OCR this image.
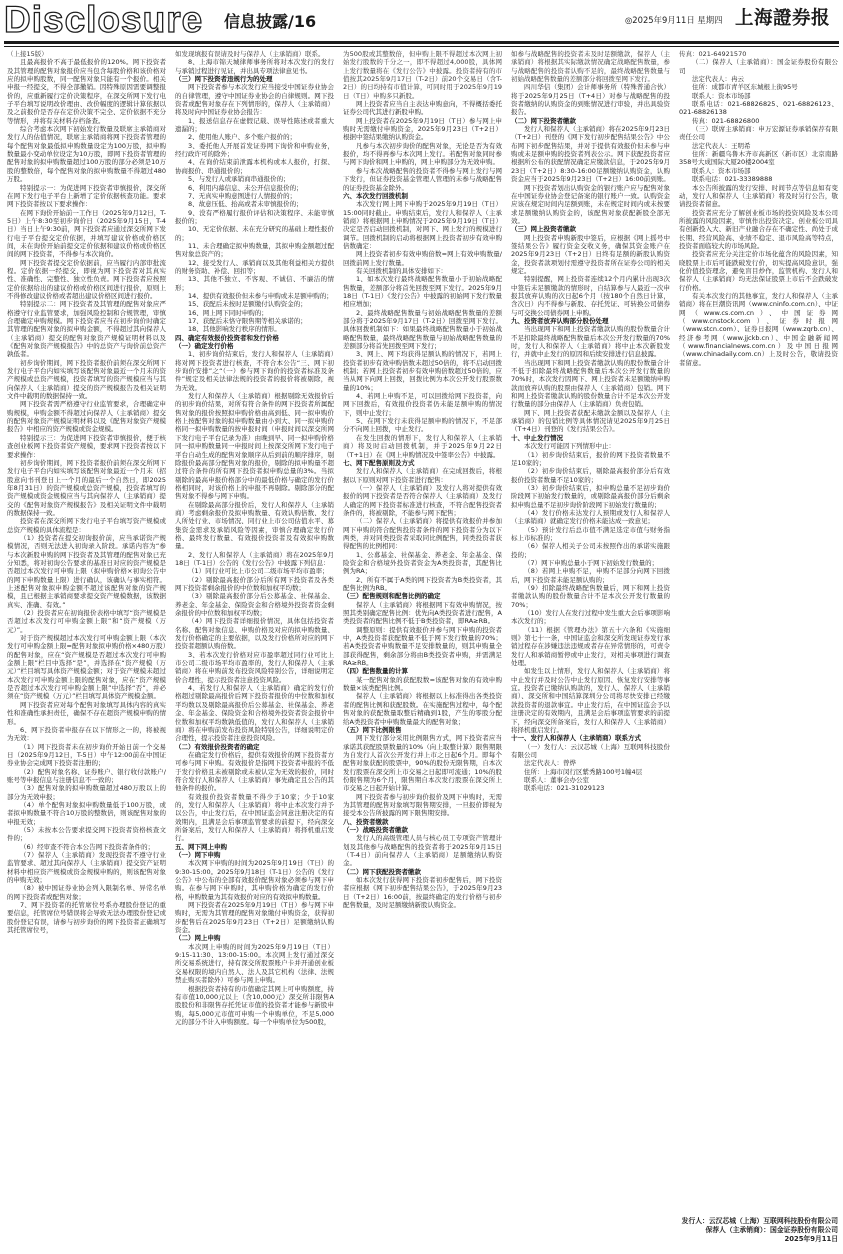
Disclosure 信息披露/16	◎2025年9月11日 星期四 上海證券报

（上接15版）

且最高报价不高于最低报价的120%。网下投资者及其管理的配售对象报价应当包含每股价格和该价格对应的拟申购股数，同一配售对象只能有一个报价。相关申报一经提交，不得全部撤销。因特殊原因需要调整报价的，应重新履行定价决策程序，在深交所网下发行电子平台填写说明改价理由、改价幅度的逻辑计算依据以及之前报价是否存在定价决策不完全、定价依据不充分等情形，并将有关材料存档备查。

综合考虑本次网下初始发行数量及联席主承销商对发行人的估值情况，联席主承销商将网下投资者管理的每个配售对象最低拟申购数量设定为100万股，拟申购数量最小变动单位设定为10万股，即网下投资者管理的配售对象的拟申购数量超过100万股的部分必须是10万股的整数倍，每个配售对象的拟申购数量不得超过480万股。

特别提示一：为促进网下投资者审慎报价，深交所在网下发行电子平台上新增了定价依据核查功能。要求网下投资者按以下要求操作：

在网下询价开始前一工作日（2025年9月12日，T-5日）上午8:30至初步询价日（2025年9月15日，T-4日）当日上午9:30前，网下投资者应通过深交所网下发行电子平台提交定价依据，并填写建议价格或价格区间，未在询价开始前提交定价依据和建议价格或价格区间的网下投资者，不得参与本次询价。

网下投资者提交定价依据前，应当履行内部审批流程。定价依据一经提交，即视为网下投资者对其真实性、准确性、完整性、独立性负责。网下投资者应按照定价依据给出的建议价格或价格区间进行报价，原则上不得修改建议价格或者超出建议价格区间进行报价。

特别提示二：网下投资者及其管理的配售对象应严格遵守行业监管要求，加强风险控制和合规管理，审慎合理确定申购规模。网下投资者应当在初步询价时确定其管理的配售对象的拟申购金额，不得超过其向保荐人（主承销商）提交的配售对象资产规模证明材料以及《配售对象资产规模报告》中的总资产与询价前总资产孰低者。

初步询价期间，网下投资者报价前须在深交所网下发行电子平台内如实填写该配售对象最近一个月末的资产规模或总资产规模，投资者填写的资产规模应当与其向保荐人（主承销商）提交的资产规模报告及相关证明文件中载明的数据保持一致。

网下投资者需严格遵守行业监管要求，合理确定申购规模，申购金额不得超过向保荐人（主承销商）提交的配售对象资产规模证明材料以及《配售对象资产规模报告》中相应的资产规模或资金规模。

特别提示三：为促进网下投资者审慎报价，便于核查创业板网下投资者资产规模，要求网下投资者按以下要求操作：

初步询价期间，网下投资者报价前须在深交所网下发行电子平台内如实填写该配售对象最近一个月末（招股意向书刊登日上一个月的最后一个自然日，即2025年8月31日）的资产规模或总资产规模，投资者填写的资产规模或资金规模应当与其向保荐人（主承销商）提交的《配售对象资产规模报告》及相关证明文件中载明的数据保持一致。

投资者在深交所网下发行电子平台填写资产规模或总资产规模的具体流程是：

（1）投资者在提交初询报价前，应当承诺资产规模情况，否则无法进入初询录入阶段。承诺内容为“参与本次新股申购的网下投资者及其管理的配售对象已充分知悉，将对初询公告要求的基准日对应的资产规模是否超过本次发行可申购上限（拟申购价格×初询公告中的网下申购数量上限）进行确认，该确认与事实相符。上述配售对象拟申购金额不超过该配售对象的资产规模，且已根据主承销商要求提交资产规模数据，该数据真实、准确、有效。”

（2）投资者应在初询报价表格中填写“资产规模是否超过本次发行可申购金额上限”和“资产规模（万元）”。

对于资产规模超过本次发行可申购金额上限（本次发行可申购金额上限=配售对象拟申购价格×480万股）的配售对象，应在“资产规模是否超过本次发行可申购金额上限”栏目中选择“是”，并选择在“资产规模（万元）”栏目填写具体资产规模金额；对于资产规模未超过本次发行可申购金额上限的配售对象，应在“资产规模是否超过本次发行可申购金额上限”中选择“否”，并必须在“资产规模（万元）”栏目填写具体资产规模金额。

网下投资者应对每个配售对象填写具体内容的真实性和准确性承担责任，确保不存在超资产规模申购的情形。

6、网下投资者申报存在以下情形之一的，将被视为无效：

（1）网下投资者未在初步询价开始日前一个交易日（2025年9月12日，T-5日）中午12:00前在中国证券业协会完成网下投资者注册的；

（2）配售对象名称、证券账户、银行收付款账户/账号等申报信息与注册信息不一致的；

（3）配售对象的拟申购数量超过480万股以上的部分为无效申报；

（4）单个配售对象拟申购数量低于100万股，或者拟申购数量不符合10万股的整数倍，则该配售对象的申报无效；

（5）未按本公告要求提交网下投资者资格核查文件的；

（6）经审查不符合本公告网下投资者条件的；

（7）保荐人（主承销商）发现投资者不遵守行业监管要求、超过其向保荐人（主承销商）提交资产证明材料中相应资产规模或资金规模申购的，则该配售对象的申购无效；

（8）被中国证券业协会列入限制名单、异常名单的网下投资者或配售对象；

7、网下投资者的托管席位号系办理股份登记的重要信息，托管席位号错误将会导致无法办理股份登记或股份登记有误，请参与初步询价的网下投资者正确填写其托管席位号，

如发现填报有误请及时与保荐人（主承销商）联系。

8、上海市锦天城律师事务所将对本次发行的发行与承销过程进行见证，并出具专项法律意见书。

（三）网下投资者违规行为的处理

网下投资者参与本次发行应当接受中国证券业协会的自律管理，遵守中国证券业协会的自律规则。网下投资者或配售对象存在下列情形的，保荐人（主承销商）将及时向中国证券业协会报告：

1、报送信息存在虚假记载、误导性陈述或者重大遗漏的；

2、使用他人账户、多个账户报价的；

3、委托他人开展首发证券网下询价和申购业务，经行政许可的除外；

4、在询价结束前泄露本机构或本人报价，打探、协商报价、串通报价的；

5、与发行人或承销商串通报价的；

6、利用内幕信息、未公开信息报价的；

7、无真实申购意图进行人情报价的；

8、故意压低、抬高或者未审慎报价的；

9、没有严格履行报价评估和决策程序、未能审慎报价的；

10、无定价依据、未在充分研究的基础上理性报价的；

11、未合理确定拟申购数量，其拟申购金额超过配售对象总资产的；

12、接受发行人、承销商以及其他利益相关方提供的财务资助、补偿、回扣等；

13、其他不独立、不客观、不诚信、不廉洁的情形；

14、提供有效报价但未参与申购或未足额申购的；

15、获配后未按时足额缴付认购资金的；

16、网上网下同时申购的；

17、获配后未恪守限售期等相关承诺的；

18、其他影响发行秩序的情形。

四、确定有效报价投资者和发行价格

（一）确定发行价格

1、初步询价结束后，发行人和保荐人（主承销商）将对网下投资者进行核查，不符合本公告“三、网下初步询价安排”之“（一）参与网下询价的投资者标准及条件”规定及相关法律法规的投资者的报价将被剔除，视为无效。

发行人和保荐人（主承销商）根据剔除无效报价后的初步询价结果，对所有符合条件的网下投资者所属配售对象的报价按照拟申购价格由高到低、同一拟申购价格上按配售对象的拟申购数量由小到大、同一拟申购价格同一拟申购数量的按申报时间（申报时间以深交所网下发行电子平台记录为准）由晚到早、同一拟申购价格同一拟申购数量同一申报时间上按深交所网下发行电子平台自动生成的配售对象顺序从后到前的顺序排序，剔除报价最高部分配售对象的报价，剔除的拟申购量不超过符合条件的所有网下投资者拟申购总量的3%。当拟剔除的最高申报价格部分中的最低价格与确定的发行价格相同时，对该价格上的申报不再剔除。剔除部分的配售对象不得参与网下申购。

在剔除最高部分报价后，发行人和保荐人（主承销商）考虑剩余报价及拟申购数量、有效认购倍数、发行人所处行业、市场情况、同行业上市公司估值水平、募集资金需求及承销风险等因素，审慎合理确定发行价格、最终发行数量、有效报价投资者及有效拟申购数量。

2、发行人和保荐人（主承销商）将在2025年9月18日（T-1日）公告的《发行公告》中披露下列信息：

（1）同行业可比上市公司二级市场平均市盈率；

（2）剔除最高报价部分后所有网下投资者及各类网下投资者剩余报价的中位数和加权平均数；

（3）剔除最高报价部分后公募基金、社保基金、养老金、年金基金、保险资金和合格境外投资者资金剩余报价的中位数和加权平均数；

（4）网下投资者详细报价情况，具体包括投资者名称、配售对象信息、申购价格及对应的拟申购数量、发行价格确定的主要依据，以及发行价格所对应的网下投资者超额认购倍数。

3、若本次发行价格对应市盈率超过同行业可比上市公司二级市场平均市盈率的，发行人和保荐人（主承销商）将在申购前发布投资风险特别公告，详细说明定价合理性，提示投资者注意投资风险。

4、若发行人和保荐人（主承销商）确定的发行价格超过剔除最高报价后网下投资者报价的中位数和加权平均数以及剔除最高报价后公募基金、社保基金、养老金、年金基金、保险资金和合格境外投资者资金报价中位数和加权平均数孰低值的，发行人和保荐人（主承销商）将在申购前发布投资风险特别公告，详细说明定价合理性，提示投资者注意投资风险。

（二）有效报价投资者的确定

在确定发行价格后，提供有效报价的网下投资者方可参与网下申购。有效报价是指网下投资者申报的不低于发行价格且未被剔除或未被认定为无效的报价，同时符合发行人和保荐人（主承销商）事先确定且公告的其他条件的报价。

有效报价投资者数量不得少于10家；少于10家的，发行人和保荐人（主承销商）将中止本次发行并予以公告，中止发行后，在中国证监会同意注册决定的有效期内，且满足会后事项监管要求的前提下，经向深交所备案后，发行人和保荐人（主承销商）将择机重启发行。

五、网下网上申购

（一）网下申购

本次网下申购的时间为2025年9月19日（T日）的9:30-15:00。2025年9月18日（T-1日）公告的《发行公告》中公布的全部有效报价配售对象必须参与网下申购。在参与网下申购时，其申购价格为确定的发行价格，申购数量为其有效报价对应的有效拟申购数量。

网下投资者在2025年9月19日（T日）参与网下申购时，无需为其管理的配售对象缴付申购资金，获得初步配售后在2025年9月23日（T+2日）足额缴纳认购资金。

（二）网上申购

本次网上申购的时间为2025年9月19日（T日）9:15-11:30、13:00-15:00。本次网上发行通过深交所交易系统进行，持有深交所股票账户卡并开通创业板交易权限的境内自然人、法人及其它机构（法律、法规禁止购买者除外）可参与网上申购。

根据投资者持有的市值确定其网上可申购额度，持有市值10,000元以上（含10,000元）深交所非限售A股股份和非限售存托凭证市值的投资者才能参与新股申购，每5,000元市值可申购一个申购单位，不足5,000元的部分不计入申购额度。每一个申购单位为500股，

为500股或其整数倍，但申购上限不得超过本次网上初始发行股数的千分之一，即不得超过4,000股，具体网上发行数量将在《发行公告》中披露。投资者持有的市值按其2025年9月17日（T-2日）前20个交易日（含T-2日）的日均持有市值计算，可同时用于2025年9月19日（T日）申购多只新股。

网上投资者应当自主表达申购意向，不得概括委托证券公司代其进行新股申购。

网上投资者在2025年9月19日（T日）参与网上申购时无需缴付申购资金，2025年9月23日（T+2日）根据中签结果缴纳认购资金。

凡参与本次初步询价的配售对象，无论是否为有效报价，均不得再参与本次网上发行。若配售对象同时参与网下询价和网上申购的，网上申购部分为无效申购。

参与本次战略配售的投资者不得参与网上发行与网下发行，但证券投资基金管理人管理的未参与战略配售的证券投资基金除外。

六、本次发行回拨机制

本次发行网上网下申购于2025年9月19日（T日）15:00同时截止。申购结束后，发行人和保荐人（主承销商）将根据网上申购情况于2025年9月19日（T日）决定是否启动回拨机制，对网下、网上发行的规模进行调节。回拨机制的启动将根据网上投资者初步有效申购倍数确定：

网上投资者初步有效申购倍数=网上有效申购数量/回拨前网上发行数量。

有关回拨机制的具体安排如下：

1、如本次发行最终战略配售数量小于初始战略配售数量，差额部分将首先回拨至网下发行。2025年9月18日（T-1日）《发行公告》中披露的初始网下发行数量相应增加；

2、最终战略配售数量与初始战略配售数量的差额部分将于2025年9月17日（T-2日）回拨至网下发行。具体回拨机制如下：如果最终战略配售数量小于初始战略配售数量，最终战略配售数量与初始战略配售数量的差额部分将首先回拨至网下发行；

3、网上、网下均获得足额认购的情况下，若网上投资者初步有效申购倍数未超过50倍的，将不启动回拨机制；若网上投资者初步有效申购倍数超过50倍的，应当从网下向网上回拨，回拨比例为本次公开发行股票数量的10%；

4、若网上申购不足，可以回拨给网下投资者，向网下回拨后，有效报价投资者仍未能足额申购的情况下，则中止发行；

5、在网下发行未获得足额申购的情况下，不足部分不向网上回拨，中止发行。

在发生回拨的情形下，发行人和保荐人（主承销商）将及时启动回拨机制，并于2025年9月22日（T+1日）在《网上申购情况及中签率公告》中披露。

七、网下配售原则及方式

发行人和保荐人（主承销商）在完成回拨后，将根据以下原则对网下投资者进行配售：

（一）保荐人（主承销商）及发行人将对提供有效报价的网下投资者是否符合保荐人（主承销商）及发行人确定的网下投资者标准进行核查，不符合配售投资者条件的，将被剔除，不能参与网下配售；

（二）保荐人（主承销商）将提供有效报价并参加网下申购的符合配售投资者条件的网下投资者分为以下两类，并对同类投资者采取同比例配售，同类投资者获得配售的比例相同：

1、公募基金、社保基金、养老金、年金基金、保险资金和合格境外投资者资金为A类投资者，其配售比例为RA；

2、所有不属于A类的网下投资者为B类投资者，其配售比例为RB。

（三）配售规则和配售比例的确定

保荐人（主承销商）将根据网下有效申购情况，按照其类别确定配售比例：优先向A类投资者进行配售，A类投资者的配售比例不低于B类投资者，即RA≥RB。

调整原则：提供有效报价并参与网下申购的投资者中，A类投资者获配数量不低于网下发行数量的70%；若A类投资者申购数量不足安排数量的，则其申购量全部获得配售，剩余部分将由B类投资者申购，并需满足RA≥RB。

（四）配售数量的计算

某一配售对象的获配股数=该配售对象的有效申购数量×该类配售比例。

保荐人（主承销商）将根据以上标准得出各类投资者的配售比例和获配股数。在实施配售过程中，每个配售对象的获配数量取整后精确到1股，产生的零股分配给A类投资者中申购数量最大的配售对象；

（五）网下比例限售

网下发行部分采用比例限售方式，网下投资者应当承诺其获配股票数量的10%（向上取整计算）限售期限为自发行人首次公开发行并上市之日起6个月。即每个配售对象获配的股票中，90%的股份无限售期，自本次发行股票在深交所上市交易之日起即可流通；10%的股份限售期为6个月，限售期自本次发行股票在深交所上市交易之日起开始计算。

网下投资者参与初步询价报价及网下申购时，无需为其管理的配售对象填写限售期安排，一旦报价即视为接受本公告所披露的网下限售期安排。

八、投资者缴款

（一）战略投资者缴款

发行人的高级管理人员与核心员工专项资产管理计划及其他参与战略配售的投资者将于2025年9月15日（T-4日）前向保荐人（主承销商）足额缴纳认购资金。

（二）网下获配投资者缴款

如本次发行获得网下投资者初步配售后，网下投资者应根据《网下初步配售结果公告》，于2025年9月23日（T+2日）16:00前，按最终确定的发行价格与初步配售数量，及时足额缴纳新股认购资金。

如参与战略配售的投资者未及时足额缴款，保荐人（主承销商）将根据其实际缴款情况确定战略配售数量，参与战略配售的投资者认购不足的，最终战略配售数量与初始战略配售数量的差额部分将回拨至网下发行。

四川华信（集团）会计师事务所（特殊普通合伙）将于2025年9月25日（T+4日）对参与战略配售的投资者缴纳的认购资金的到账情况进行审验，并出具验资报告。

（二）网下投资者缴款

发行人和保荐人（主承销商）将在2025年9月23日（T+2日）刊登的《网下发行初步配售结果公告》中公布网下初步配售结果，并对于提供有效报价但未参与申购或未足额申购的投资者列表公示。网下获配投资者应根据所公布的获配情况确定应缴款信息，于2025年9月23日（T+2日）8:30-16:00足额缴纳认购资金，认购资金应当于2025年9月23日（T+2日）16:00前到账。

网下投资者划出认购资金的银行账户应与配售对象在中国证券业协会登记备案的银行账户一致。认购资金应该在规定时间内足额到账，未在规定时间内或未按要求足额缴纳认购资金的，该配售对象获配新股全部无效。

（三）网上投资者缴款

网上投资者申购新股中签后，应根据《网上摇号中签结果公告》履行资金交收义务，确保其资金账户在2025年9月23日（T+2日）日终有足额的新股认购资金，投资者款项划付需遵守投资者所在证券公司的相关规定。

特别提醒，网上投资者连续12个月内累计出现3次中签后未足额缴款的情形时，自结算参与人最近一次申报其放弃认购的次日起6个月（按180个自然日计算，含次日）内不得参与新股、存托凭证、可转换公司债券与可交换公司债券网上申购。

九、投资者放弃认购部分股份处理

当出现网下和网上投资者缴款认购的股份数量合计不足扣除最终战略配售数量后本次公开发行数量的70%时，发行人和保荐人（主承销商）将中止本次新股发行，并就中止发行的原因和后续安排进行信息披露。

当出现网下和网上投资者缴款认购的股份数量合计不低于扣除最终战略配售数量后本次公开发行数量的70%时，本次发行因网下、网上投资者未足额缴纳申购款而放弃认购的股票由保荐人（主承销商）包销。网下和网上投资者缴款认购的股份数量合计不足本次公开发行数量的部分由保荐人（主承销商）负责包销。

网下、网上投资者获配未缴款金额以及保荐人（主承销商）的包销比例等具体情况请见2025年9月25日（T+4日）刊登的《发行结果公告》。

十、中止发行情况

本次发行可能因下列情形中止：

（1）初步询价结束后，报价的网下投资者数量不足10家的；

（2）初步询价结束后，剔除最高报价部分后有效报价投资者数量不足10家的；

（3）初步询价结束后，拟申购总量不足初步询价阶段网下初始发行数量的，或剔除最高报价部分后剩余拟申购总量不足初步询价阶段网下初始发行数量的；

（4）发行价格未达发行人预期或发行人和保荐人（主承销商）就确定发行价格未能达成一致意见；

（5）预计发行后总市值不满足选定市值与财务指标上市标准的；

（6）保荐人相关子公司未按照作出的承诺实施跟投的；

（7）网下申购总量小于网下初始发行数量的；

（8）若网上申购不足，申购不足部分向网下回拨后，网下投资者未能足额认购的；

（9）扣除最终战略配售数量后，网下和网上投资者缴款认购的股份数量合计不足本次公开发行数量的70%；

（10）发行人在发行过程中发生重大会后事项影响本次发行的；

（11）根据《管理办法》第五十六条和《实施细则》第七十一条，中国证监会和深交所发现证券发行承销过程存在涉嫌违法违规或者存在异常情形的，可责令发行人和承销商暂停或中止发行，对相关事项进行调查处理。

如发生以上情形，发行人和保荐人（主承销商）将中止发行并及时公告中止发行原因、恢复发行安排等事宜。投资者已缴纳认购款的，发行人、保荐人（主承销商）、深交所和中国结算深圳分公司将尽快安排已经缴款投资者的退款事宜。中止发行后，在中国证监会予以注册决定的有效期内，且满足会后事项监管要求的前提下，经向深交所备案后，发行人和保荐人（主承销商）将择机重启发行。

十一、发行人和保荐人（主承销商）联系方式

（一）发行人：云汉芯城（上海）互联网科技股份有限公司

法定代表人：曾烨

住所：上海市闵行区紫秀路100号1幢4层

联系人：董事会办公室

联系电话：021-31029123

传真：021-64921570

（二）保荐人（主承销商）：国金证券股份有限公司

法定代表人：冉云

住所：成都市青羊区东城根上街95号

联系人：资本市场部

联系电话：021-68826825、021-68826123、021-68826138

传真：021-68826800

（三）联席主承销商：申万宏源证券承销保荐有限责任公司

法定代表人：王明希

住所：新疆乌鲁木齐市高新区（新市区）北京南路358号大成国际大厦20楼2004室

联系人：资本市场部

联系电话：021-33389888

本公告所披露的发行安排、时间节点等信息如有变动，发行人和保荐人（主承销商）将及时另行公告，敬请投资者留意。

投资者应充分了解创业板市场的投资风险及本公司所披露的风险因素，审慎作出投资决定。创业板公司具有创新投入大、新旧产业融合存在不确定性、尚处于成长期、经营风险高、业绩不稳定、退市风险高等特点，投资者面临较大的市场风险。

投资者应充分关注定价市场化蕴含的风险因素，知晓股票上市后可能跌破发行价，切实提高风险意识，强化价值投资理念，避免盲目炒作，监管机构、发行人和保荐人（主承销商）均无法保证股票上市后不会跌破发行价格。

有关本次发行的其他事宜，发行人和保荐人（主承销商）将在巨潮资讯网（www.cninfo.com.cn）、中证网（www.cs.com.cn）、中国证券网（www.cnstock.com）、证券时报网（www.stcn.com）、证券日报网（www.zqrb.cn）、经济参考网（www.jjckb.cn）、中国金融新闻网（www.financialnews.com.cn）及中国日报网（www.chinadaily.com.cn）上及时公告，敬请投资者留意。

发行人：云汉芯城（上海）互联网科技股份有限公司
保荐人（主承销商）：国金证券股份有限公司
2025年9月11日
